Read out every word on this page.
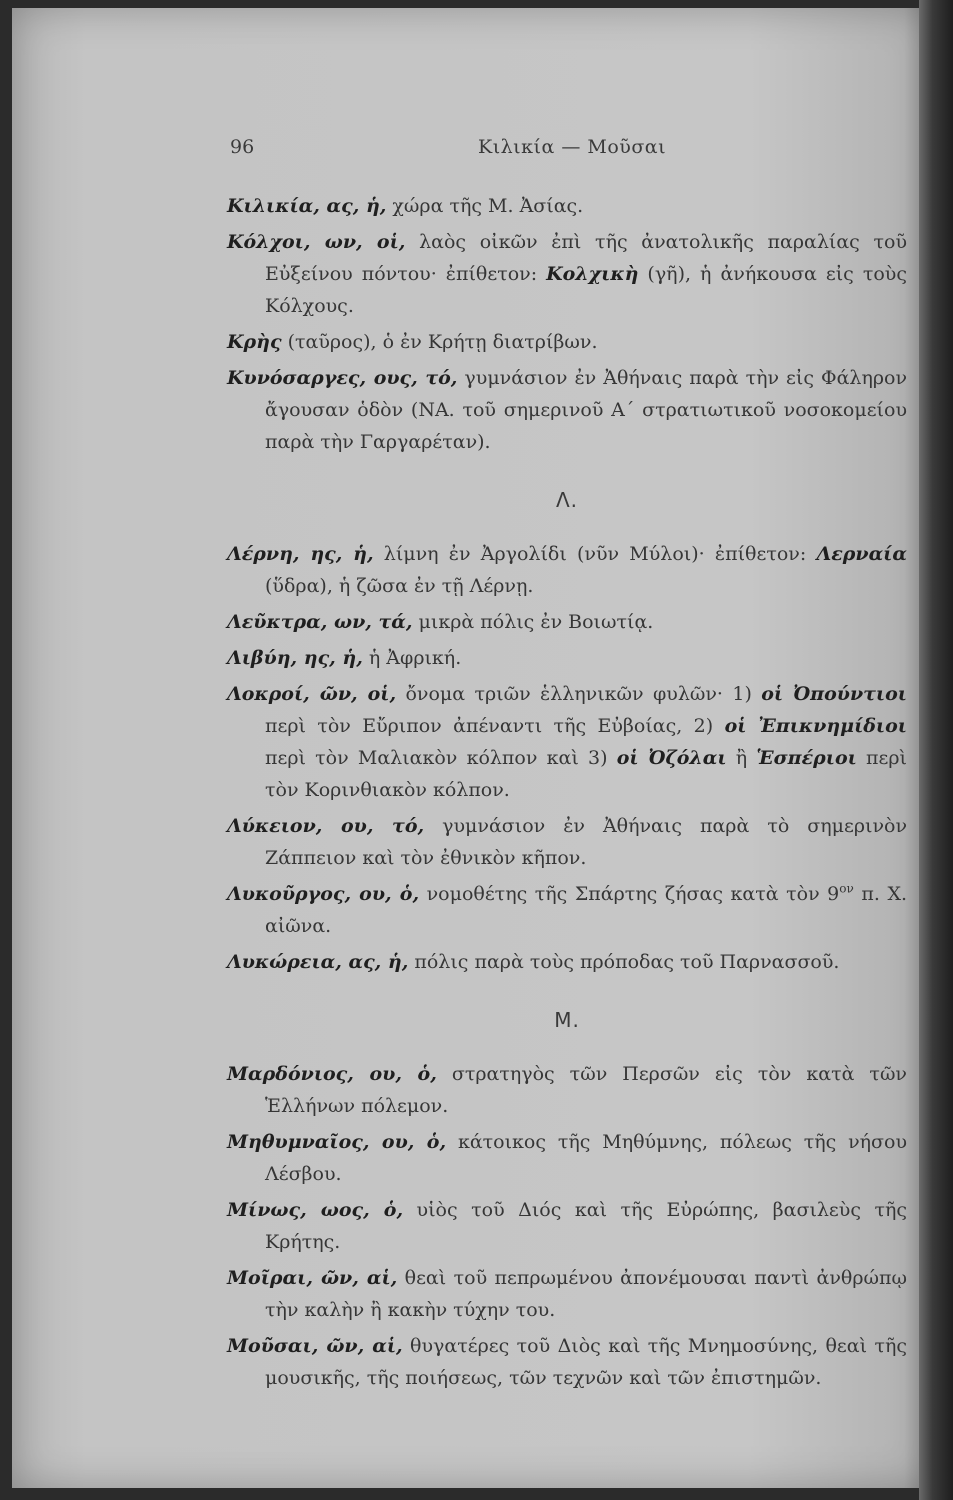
96	Κιλικία — Μοῦσαι
Κιλικία, ας, ἡ, χώρα τῆς Μ. Ἀσίας.
Κόλχοι, ων, οἱ, λαὸς οἰκῶν ἐπὶ τῆς ἀνατολικῆς παραλίας τοῦ Εὐξείνου πόντου· ἐπίθετον: Κολχικὴ (γῆ), ἡ ἀνήκουσα εἰς τοὺς Κόλχους.
Κρὴς (ταῦρος), ὁ ἐν Κρήτῃ διατρίβων.
Κυνόσαργες, ους, τό, γυμνάσιον ἐν Ἀθήναις παρὰ τὴν εἰς Φάληρον ἄγουσαν ὁδὸν (ΝΑ. τοῦ σημερινοῦ Α΄ στρατιωτικοῦ νοσοκομείου παρὰ τὴν Γαργαρέταν).
Λ.
Λέρνη, ης, ἡ, λίμνη ἐν Ἀργολίδι (νῦν Μύλοι)· ἐπίθετον: Λερναία (ὕδρα), ἡ ζῶσα ἐν τῇ Λέρνῃ.
Λεῦκτρα, ων, τά, μικρὰ πόλις ἐν Βοιωτίᾳ.
Λιβύη, ης, ἡ, ἡ Ἀφρική.
Λοκροί, ῶν, οἱ, ὄνομα τριῶν ἑλληνικῶν φυλῶν· 1) οἱ Ὀπούντιοι περὶ τὸν Εὔριπον ἀπέναντι τῆς Εὐβοίας, 2) οἱ Ἐπικνημίδιοι περὶ τὸν Μαλιακὸν κόλπον καὶ 3) οἱ Ὀζόλαι ἢ Ἑσπέριοι περὶ τὸν Κορινθιακὸν κόλπον.
Λύκειον, ου, τό, γυμνάσιον ἐν Ἀθήναις παρὰ τὸ σημερινὸν Ζάππειον καὶ τὸν ἐθνικὸν κῆπον.
Λυκοῦργος, ου, ὁ, νομοθέτης τῆς Σπάρτης ζήσας κατὰ τὸν $9^{o\nu}$ π. Χ. αἰῶνα.
Λυκώρεια, ας, ἡ, πόλις παρὰ τοὺς πρόποδας τοῦ Παρνασσοῦ.
Μ.
Μαρδόνιος, ου, ὁ, στρατηγὸς τῶν Περσῶν εἰς τὸν κατὰ τῶν Ἑλλήνων πόλεμον.
Μηθυμναῖος, ου, ὁ, κάτοικος τῆς Μηθύμνης, πόλεως τῆς νήσου Λέσβου.
Μίνως, ωος, ὁ, υἱὸς τοῦ Διός καὶ τῆς Εὐρώπης, βασιλεὺς τῆς Κρήτης.
Μοῖραι, ῶν, αἱ, θεαὶ τοῦ πεπρωμένου ἀπονέμουσαι παντὶ ἀνθρώπῳ τὴν καλὴν ἢ κακὴν τύχην του.
Μοῦσαι, ῶν, αἱ, θυγατέρες τοῦ Διὸς καὶ τῆς Μνημοσύνης, θεαὶ τῆς μουσικῆς, τῆς ποιήσεως, τῶν τεχνῶν καὶ τῶν ἐπιστημῶν.
